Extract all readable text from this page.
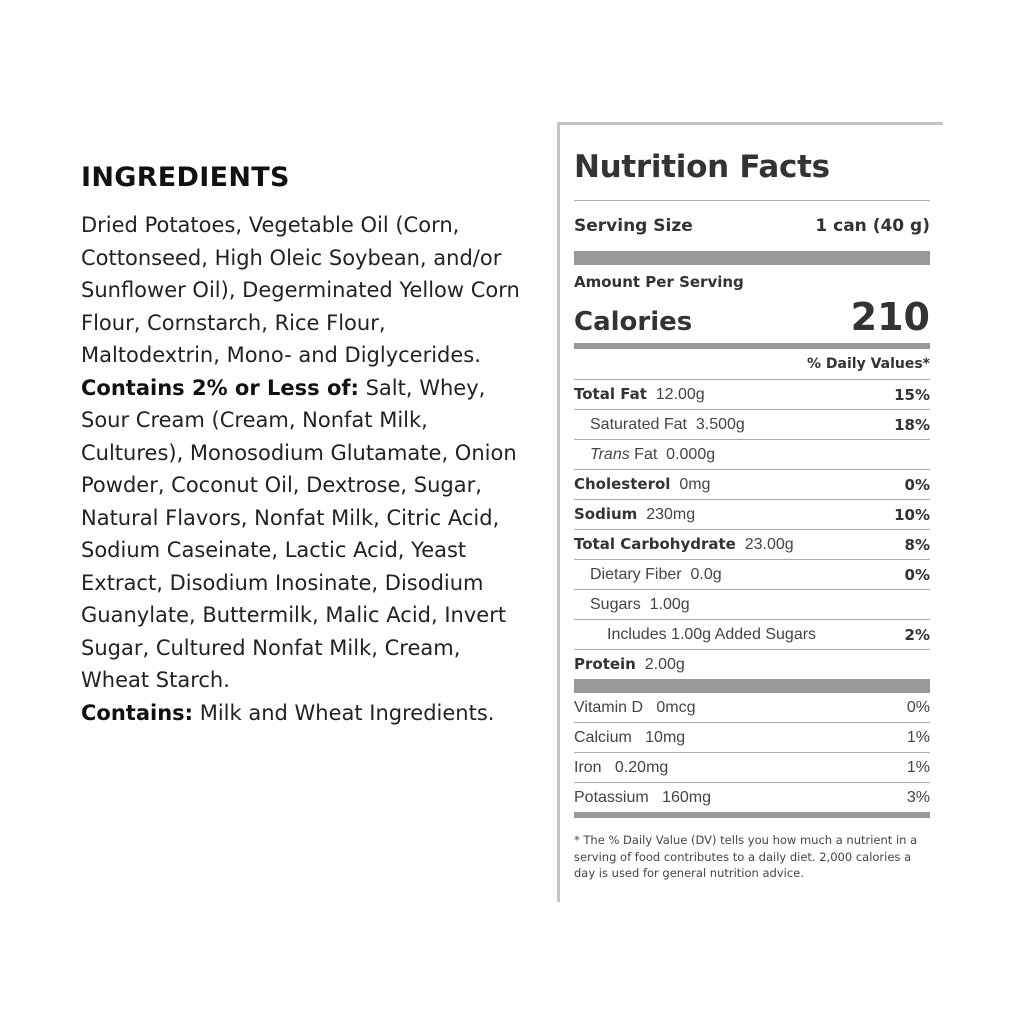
INGREDIENTS

Dried Potatoes, Vegetable Oil (Corn, Cottonseed, High Oleic Soybean, and/or Sunflower Oil), Degerminated Yellow Corn Flour, Cornstarch, Rice Flour, Maltodextrin, Mono- and Diglycerides.
Contains 2% or Less of: Salt, Whey, Sour Cream (Cream, Nonfat Milk, Cultures), Monosodium Glutamate, Onion Powder, Coconut Oil, Dextrose, Sugar, Natural Flavors, Nonfat Milk, Citric Acid, Sodium Caseinate, Lactic Acid, Yeast Extract, Disodium Inosinate, Disodium Guanylate, Buttermilk, Malic Acid, Invert Sugar, Cultured Nonfat Milk, Cream, Wheat Starch.
Contains: Milk and Wheat Ingredients.

Nutrition Facts
Serving Size	1 can (40 g)
Amount Per Serving
Calories	210
% Daily Values*
Total Fat 12.00g	15%
Saturated Fat 3.500g	18%
Trans Fat 0.000g
Cholesterol 0mg	0%
Sodium 230mg	10%
Total Carbohydrate 23.00g	8%
Dietary Fiber 0.0g	0%
Sugars 1.00g
Includes 1.00g Added Sugars	2%
Protein 2.00g
Vitamin D 0mcg	0%
Calcium 10mg	1%
Iron 0.20mg	1%
Potassium 160mg	3%
* The % Daily Value (DV) tells you how much a nutrient in a serving of food contributes to a daily diet. 2,000 calories a day is used for general nutrition advice.
